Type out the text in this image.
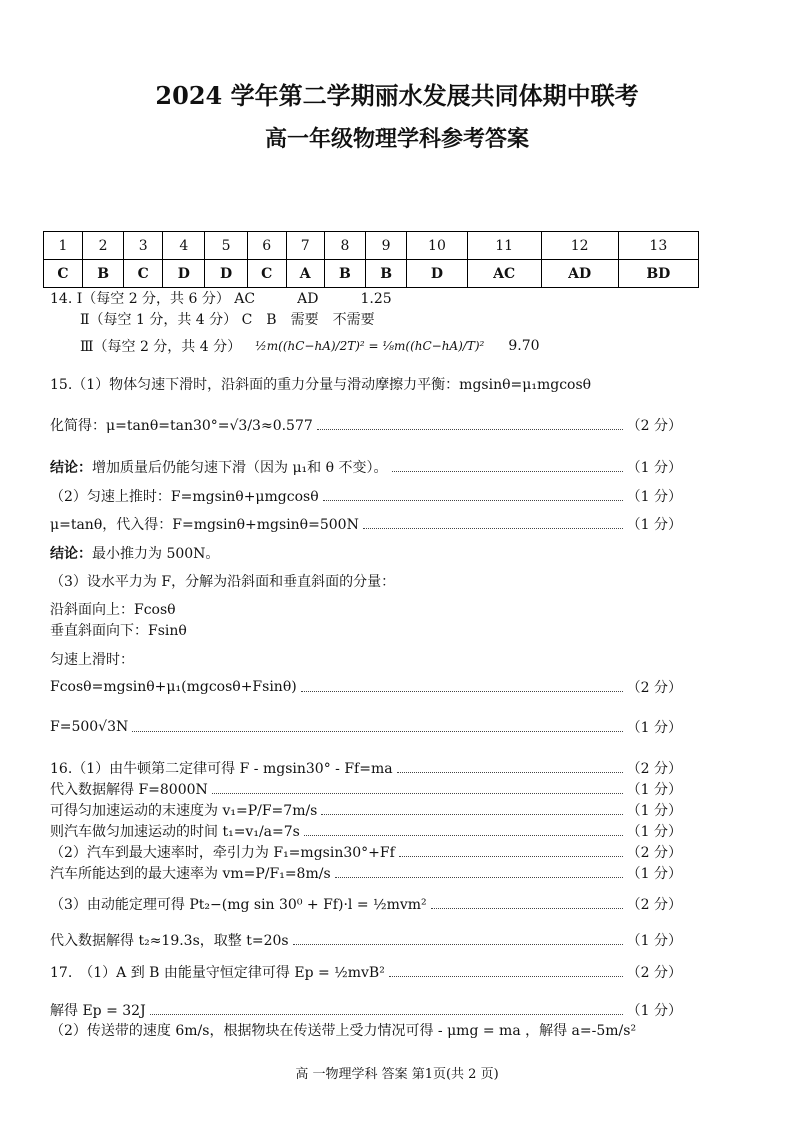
2024 学年第二学期丽水发展共同体期中联考
高一年级物理学科参考答案
1	2	3	4	5	6	7	8	9	10	11	12	13
C	B	C	D	D	C	A	B	B	D	AC	AD	BD
14. Ⅰ（每空 2 分，共 6 分） AC　　　AD　　　1.25
Ⅱ（每空 1 分，共 4 分） C　B　需要　不需要
Ⅲ（每空 2 分，共 4 分） ½m((hC−hA)/2T)² = ⅛m((hC−hA)/T)² 9.70
15.（1）物体匀速下滑时，沿斜面的重力分量与滑动摩擦力平衡：mgsinθ=μ₁mgcosθ
化简得：μ=tanθ=tan30°=√3/3≈0.577	（2 分）
结论：增加质量后仍能匀速下滑（因为 μ₁和 θ 不变）。	（1 分）
（2）匀速上推时：F=mgsinθ+μmgcosθ	（1 分）
μ=tanθ，代入得：F=mgsinθ+mgsinθ=500N	（1 分）
结论：最小推力为 500N。
（3）设水平力为 F，分解为沿斜面和垂直斜面的分量：
沿斜面向上：Fcosθ
垂直斜面向下：Fsinθ
匀速上滑时：
Fcosθ=mgsinθ+μ₁(mgcosθ+Fsinθ)	（2 分）
F=500√3N	（1 分）
16.（1）由牛顿第二定律可得 F - mgsin30° - Ff=ma	（2 分）
代入数据解得 F=8000N	（1 分）
可得匀加速运动的末速度为 v₁=P/F=7m/s	（1 分）
则汽车做匀加速运动的时间 t₁=v₁/a=7s	（1 分）
（2）汽车到最大速率时，牵引力为 F₁=mgsin30°+Ff	（2 分）
汽车所能达到的最大速率为 vm=P/F₁=8m/s	（1 分）
（3）由动能定理可得 Pt₂−(mg sin 30⁰ + Ff)·l = ½mvm²	（2 分）
代入数据解得 t₂≈19.3s，取整 t=20s	（1 分）
17.　（1）A 到 B 由能量守恒定律可得 Ep = ½mvB²	（2 分）
解得 Ep = 32J	（1 分）
（2）传送带的速度 6m/s，根据物块在传送带上受力情况可得 - μmg = ma ，解得 a=-5m/s²
高 一物理学科 答案 第1页(共 2 页)
